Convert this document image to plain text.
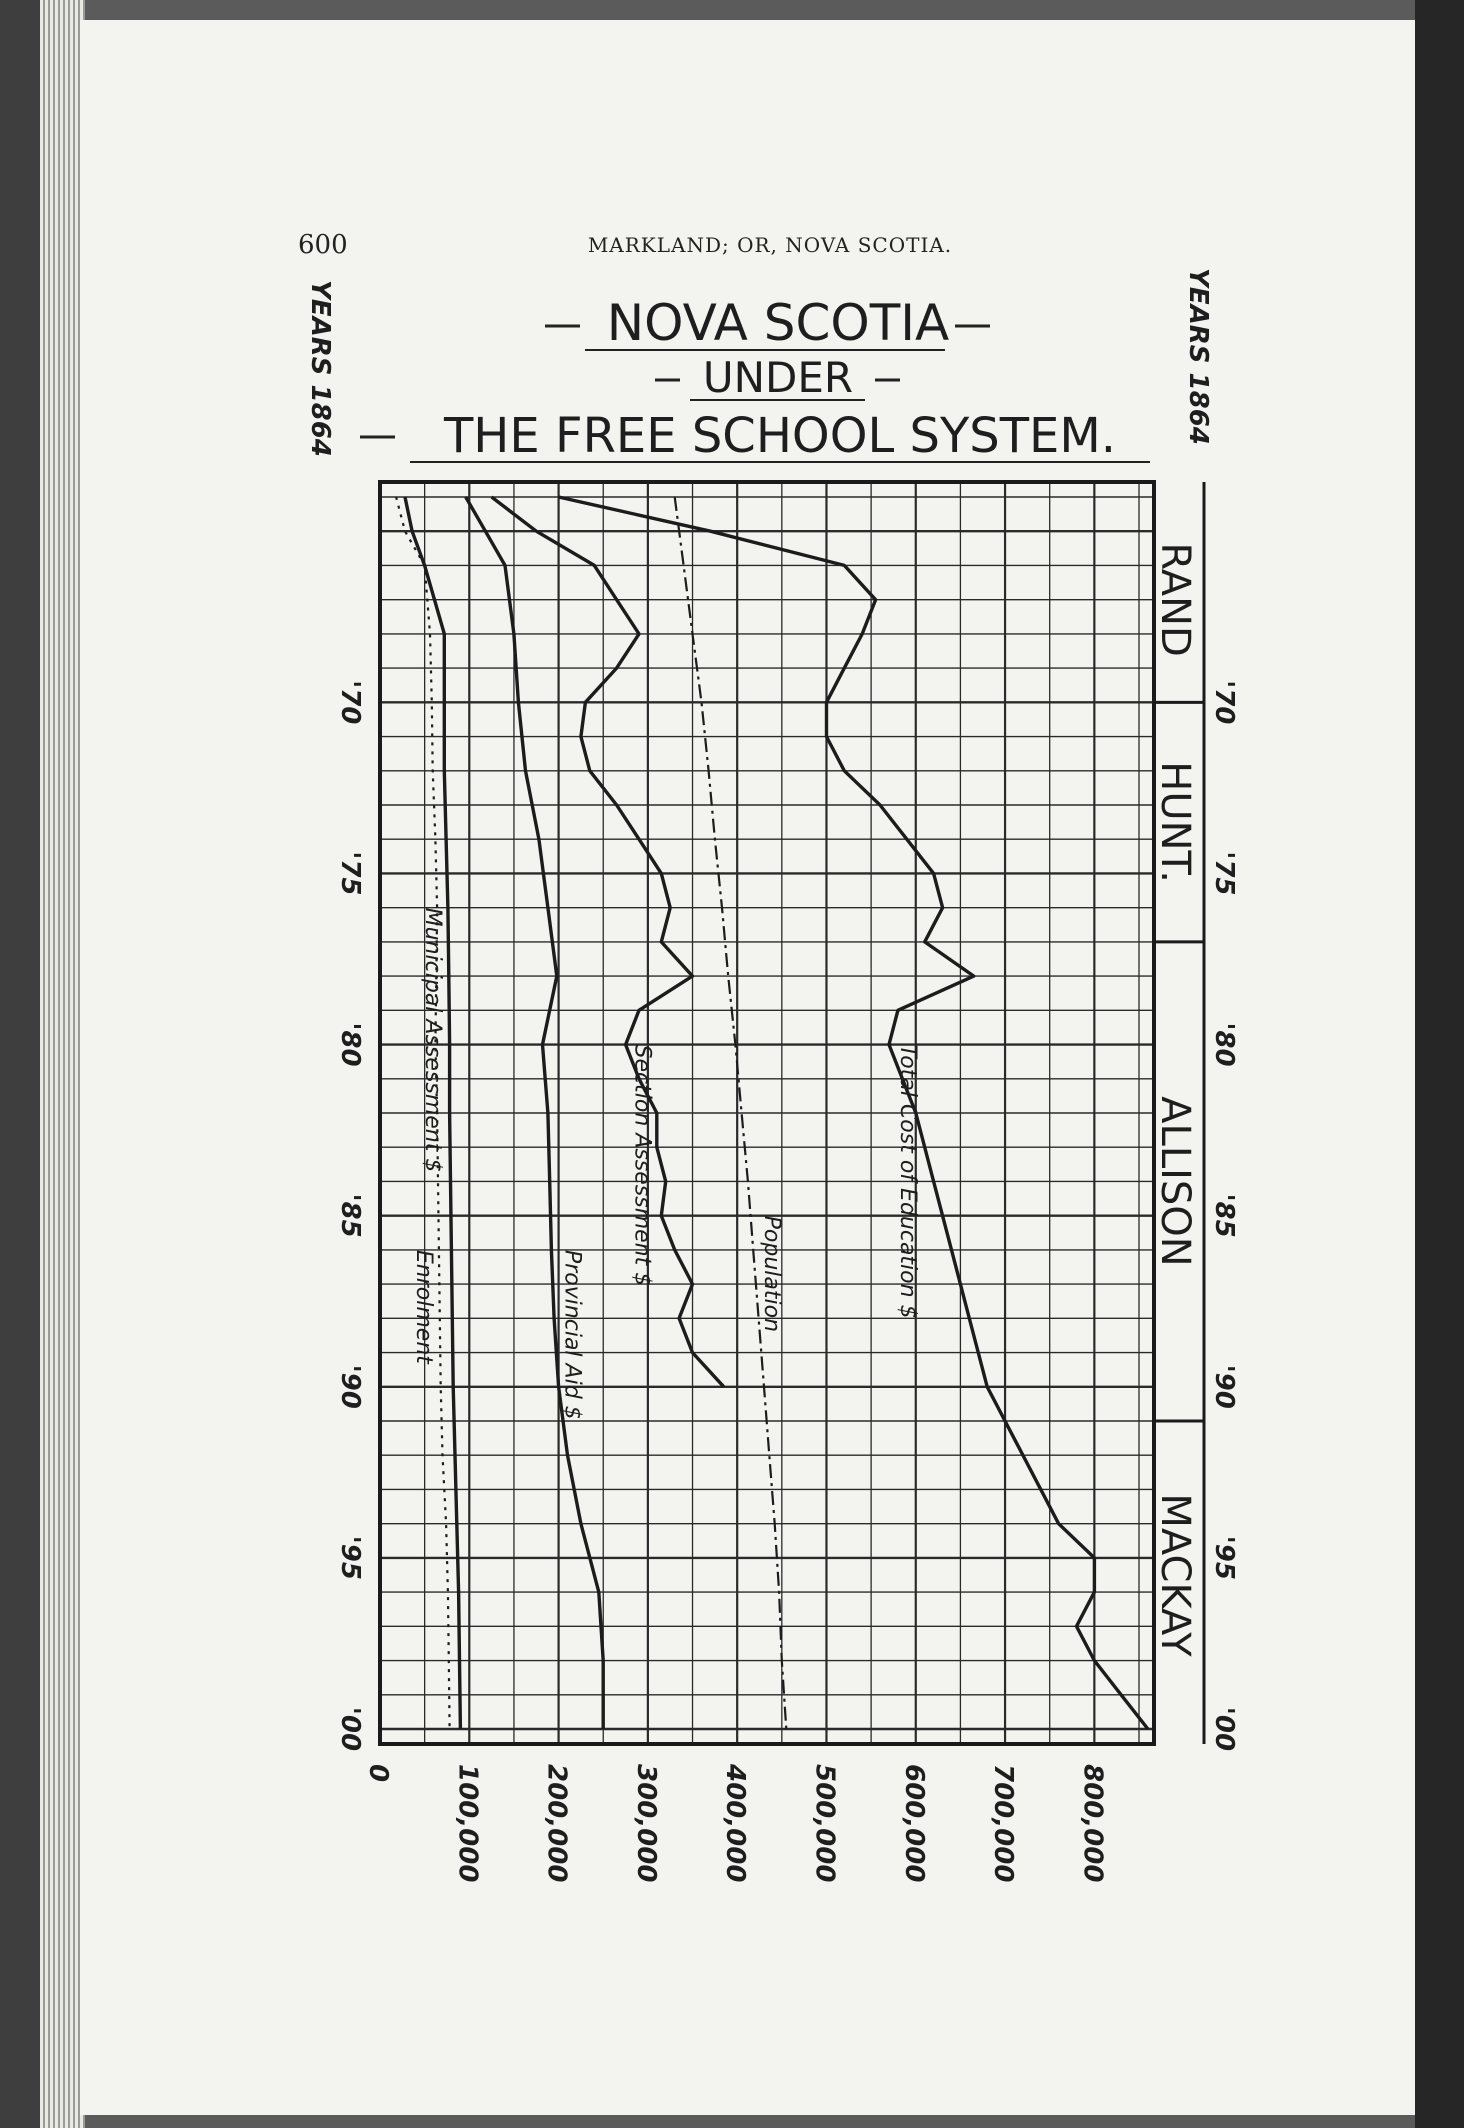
600	MARKLAND; OR, NOVA SCOTIA.
NOVA SCOTIA
UNDER
THE FREE SCHOOL SYSTEM.
YEARS 1864	YEARS 1864
RAND
HUNT.
ALLISON
MACKAY
Enrolment
Municipal Assessment $
Provincial Aid $
Section Assessment $	Population	Total Cost of Education $
'70	'70
'75	'75
'80	'80
'85	'85
'90	'90
'95	'95
'00	'00
0 100,000 200,000 300,000 400,000 500,000 600,000 700,000 800,000
